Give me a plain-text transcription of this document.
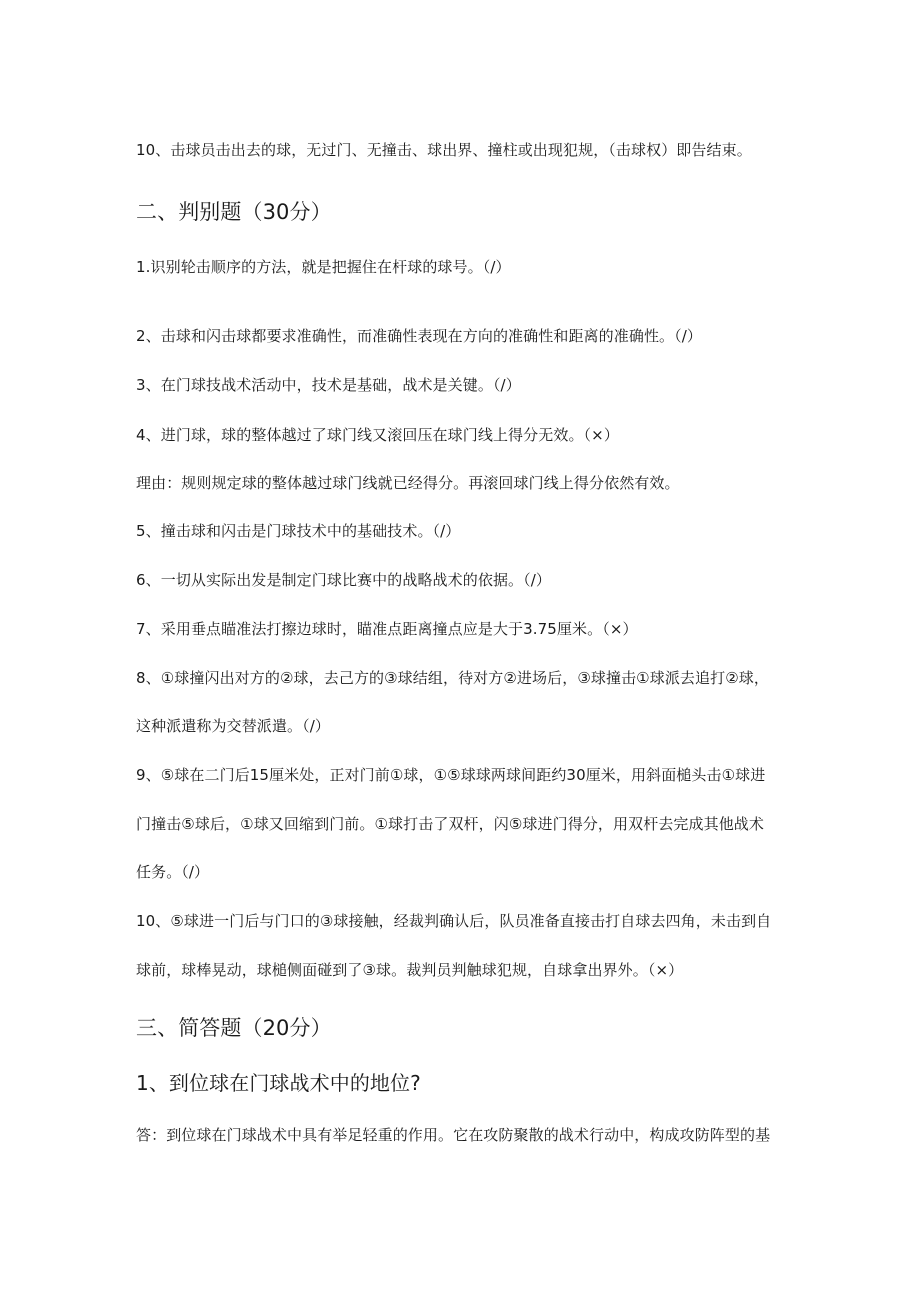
10、击球员击出去的球，无过门、无撞击、球出界、撞柱或出现犯规，（击球权）即告结束。
二、判别题（30分）
1.识别轮击顺序的方法，就是把握住在杆球的球号。（/）
2、击球和闪击球都要求准确性，而准确性表现在方向的准确性和距离的准确性。（/）
3、在门球技战术活动中，技术是基础，战术是关键。（/）
4、进门球，球的整体越过了球门线又滚回压在球门线上得分无效。（×）
理由：规则规定球的整体越过球门线就已经得分。再滚回球门线上得分依然有效。
5、撞击球和闪击是门球技术中的基础技术。（/）
6、一切从实际出发是制定门球比赛中的战略战术的依据。（/）
7、采用垂点瞄准法打擦边球时，瞄准点距离撞点应是大于3.75厘米。（×）
8、①球撞闪出对方的②球，去己方的③球结组，待对方②进场后，③球撞击①球派去追打②球，
这种派遣称为交替派遣。（/）
9、⑤球在二门后15厘米处，正对门前①球，①⑤球球两球间距约30厘米，用斜面槌头击①球进
门撞击⑤球后，①球又回缩到门前。①球打击了双杆，闪⑤球进门得分，用双杆去完成其他战术
任务。（/）
10、⑤球进一门后与门口的③球接触，经裁判确认后，队员准备直接击打自球去四角，未击到自
球前，球棒晃动，球槌侧面碰到了③球。裁判员判触球犯规，自球拿出界外。（×）
三、简答题（20分）
1、到位球在门球战术中的地位?
答：到位球在门球战术中具有举足轻重的作用。它在攻防聚散的战术行动中，构成攻防阵型的基
